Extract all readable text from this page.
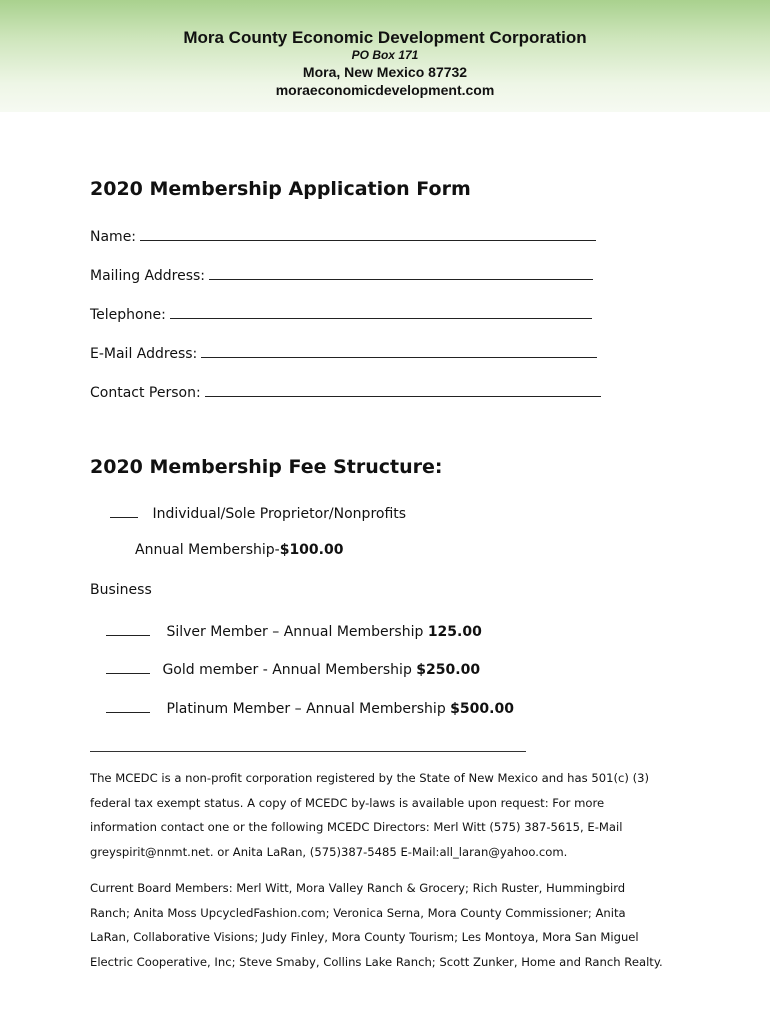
Mora County Economic Development Corporation
PO Box 171
Mora, New Mexico 87732
moraeconomicdevelopment.com
2020 Membership Application Form
Name:
Mailing Address:
Telephone:
E-Mail Address:
Contact Person:
2020 Membership Fee Structure:
Individual/Sole Proprietor/Nonprofits
Annual Membership-$100.00
Business
Silver Member – Annual Membership 125.00
Gold member - Annual Membership $250.00
Platinum Member – Annual Membership $500.00
The MCEDC is a non-profit corporation registered by the State of New Mexico and has 501(c) (3)
federal tax exempt status. A copy of MCEDC by-laws is available upon request: For more
information contact one or the following MCEDC Directors: Merl Witt (575) 387-5615, E-Mail
greyspirit@nnmt.net. or Anita LaRan, (575)387-5485 E-Mail:all_laran@yahoo.com.
Current Board Members: Merl Witt, Mora Valley Ranch & Grocery; Rich Ruster, Hummingbird
Ranch; Anita Moss UpcycledFashion.com; Veronica Serna, Mora County Commissioner; Anita
LaRan, Collaborative Visions; Judy Finley, Mora County Tourism; Les Montoya, Mora San Miguel
Electric Cooperative, Inc; Steve Smaby, Collins Lake Ranch; Scott Zunker, Home and Ranch Realty.
